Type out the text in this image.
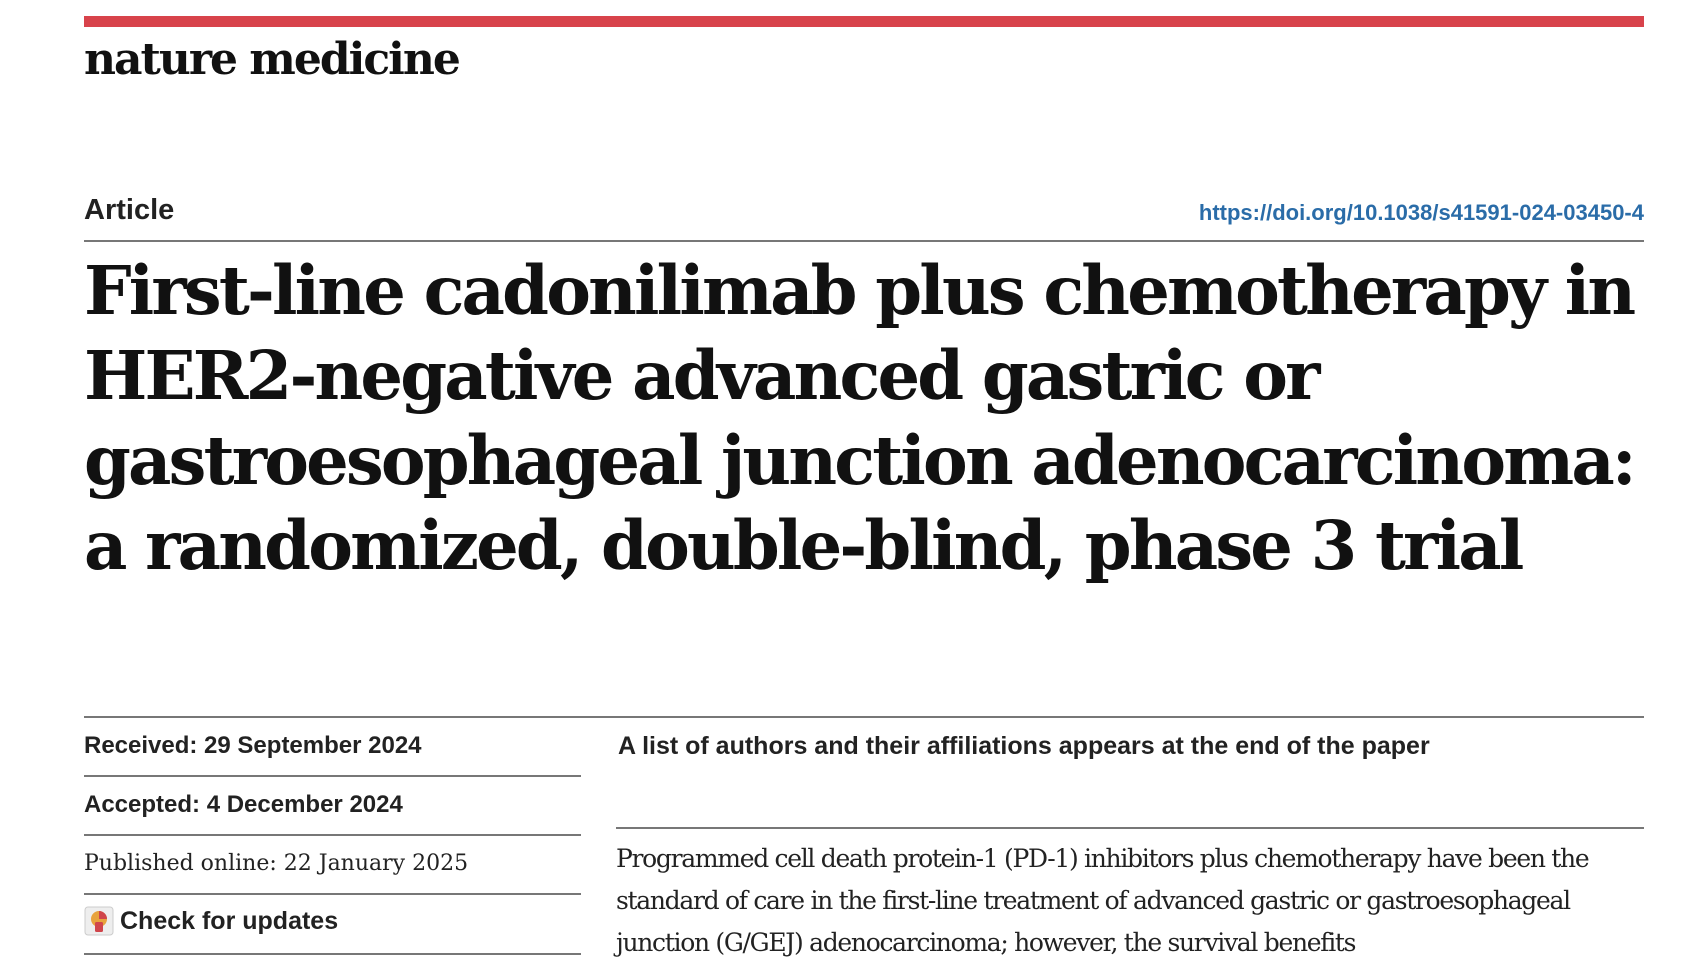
nature medicine
Article	https://doi.org/10.1038/s41591-024-03450-4
First-line cadonilimab plus chemotherapy in HER2-negative advanced gastric or gastroesophageal junction adenocarcinoma: a randomized, double-blind, phase 3 trial
Received: 29 September 2024
Accepted: 4 December 2024
Published online: 22 January 2025
Check for updates
A list of authors and their affiliations appears at the end of the paper

Programmed cell death protein-1 (PD-1) inhibitors plus chemotherapy have been the standard of care in the first-line treatment of advanced gastric or gastroesophageal junction (G/GEJ) adenocarcinoma; however, the survival benefits
